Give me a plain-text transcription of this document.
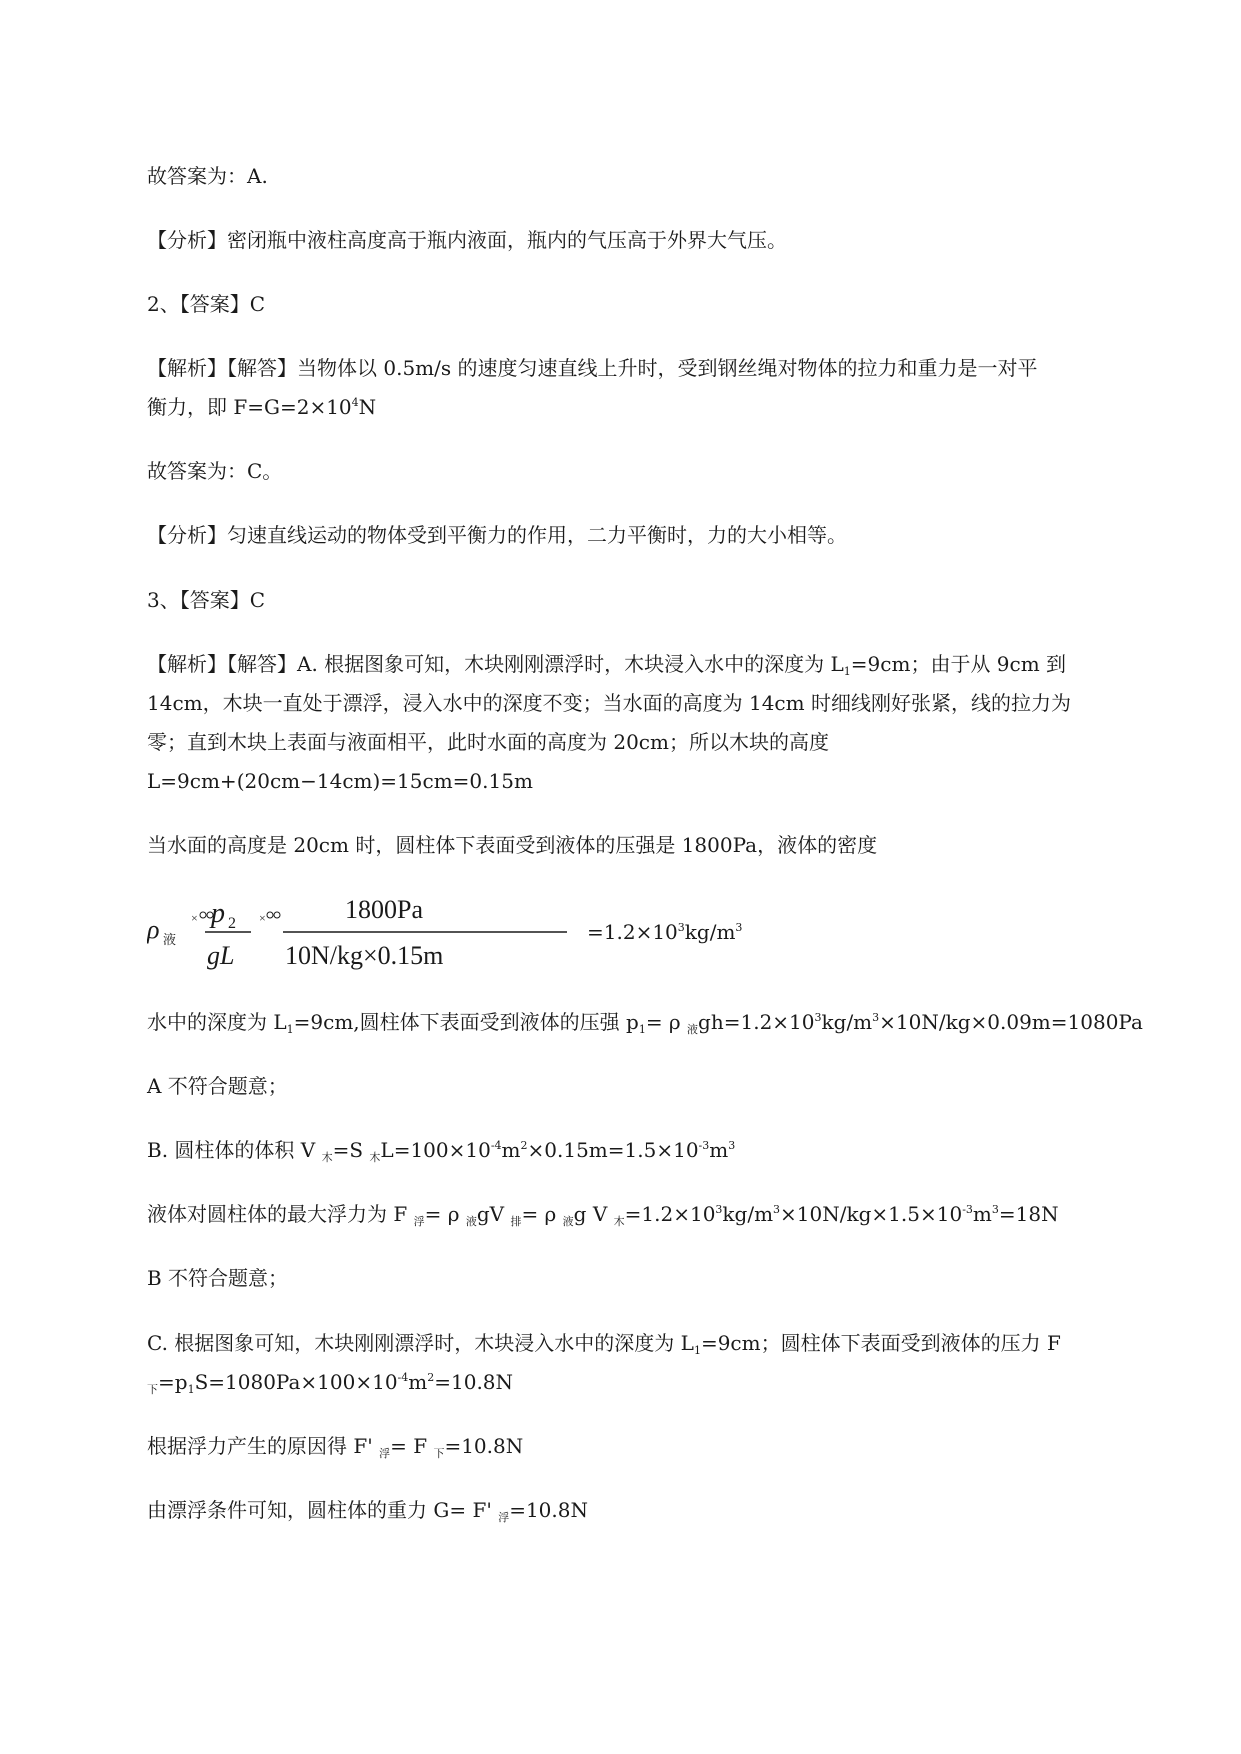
故答案为：A.

【分析】密闭瓶中液柱高度高于瓶内液面，瓶内的气压高于外界大气压。

2、【答案】C

【解析】【解答】当物体以 0.5m/s 的速度匀速直线上升时，受到钢丝绳对物体的拉力和重力是一对平

衡力，即 $F=G=2\times 10^4N$

故答案为：C。

【分析】匀速直线运动的物体受到平衡力的作用，二力平衡时，力的大小相等。

3、【答案】C

【解析】【解答】A. 根据图象可知，木块刚刚漂浮时，木块浸入水中的深度为 $L_1=9cm$；由于从 9cm 到

14cm，木块一直处于漂浮，浸入水中的深度不变；当水面的高度为 14cm 时细线刚好张紧，线的拉力为

零；直到木块上表面与液面相平，此时水面的高度为 20cm；所以木块的高度

L=9cm+(20cm−14cm)=15cm=0.15m

当水面的高度是 20cm 时，圆柱体下表面受到液体的压强是 1800Pa，液体的密度

ρ 液
× p 2
gL
×	1800Pa
10N/kg×0.15m

$=1.2\times 10^3kg/m^3$

水中的深度为 $L_1=9cm$,圆柱体下表面受到液体的压强 $p_1= \rho$ $_液gh=1.2\times 10^3kg/m^3\times 10N/kg\times 0.09m=1080Pa$

A 不符合题意；

B. 圆柱体的体积 V $_木$=S $_木L=100\times 10^{-4}m^2\times 0.15m=1.5\times 10^{-3}m^3$

液体对圆柱体的最大浮力为 F $_浮$= ρ $_液$gV $_排$= ρ $_液$g V $_木=1.2\times 10^3kg/m^3\times 10N/kg\times 1.5\times 10^{-3}m^3=18N$

B 不符合题意；

C. 根据图象可知，木块刚刚漂浮时，木块浸入水中的深度为 $L_1=9cm$；圆柱体下表面受到液体的压力 F

$_下=p_1S=1080Pa\times 100\times 10^{-4}m^2=10.8N$

根据浮力产生的原因得 F' $_浮$= F $_下$=10.8N

由漂浮条件可知，圆柱体的重力 G= F' $_浮$=10.8N
